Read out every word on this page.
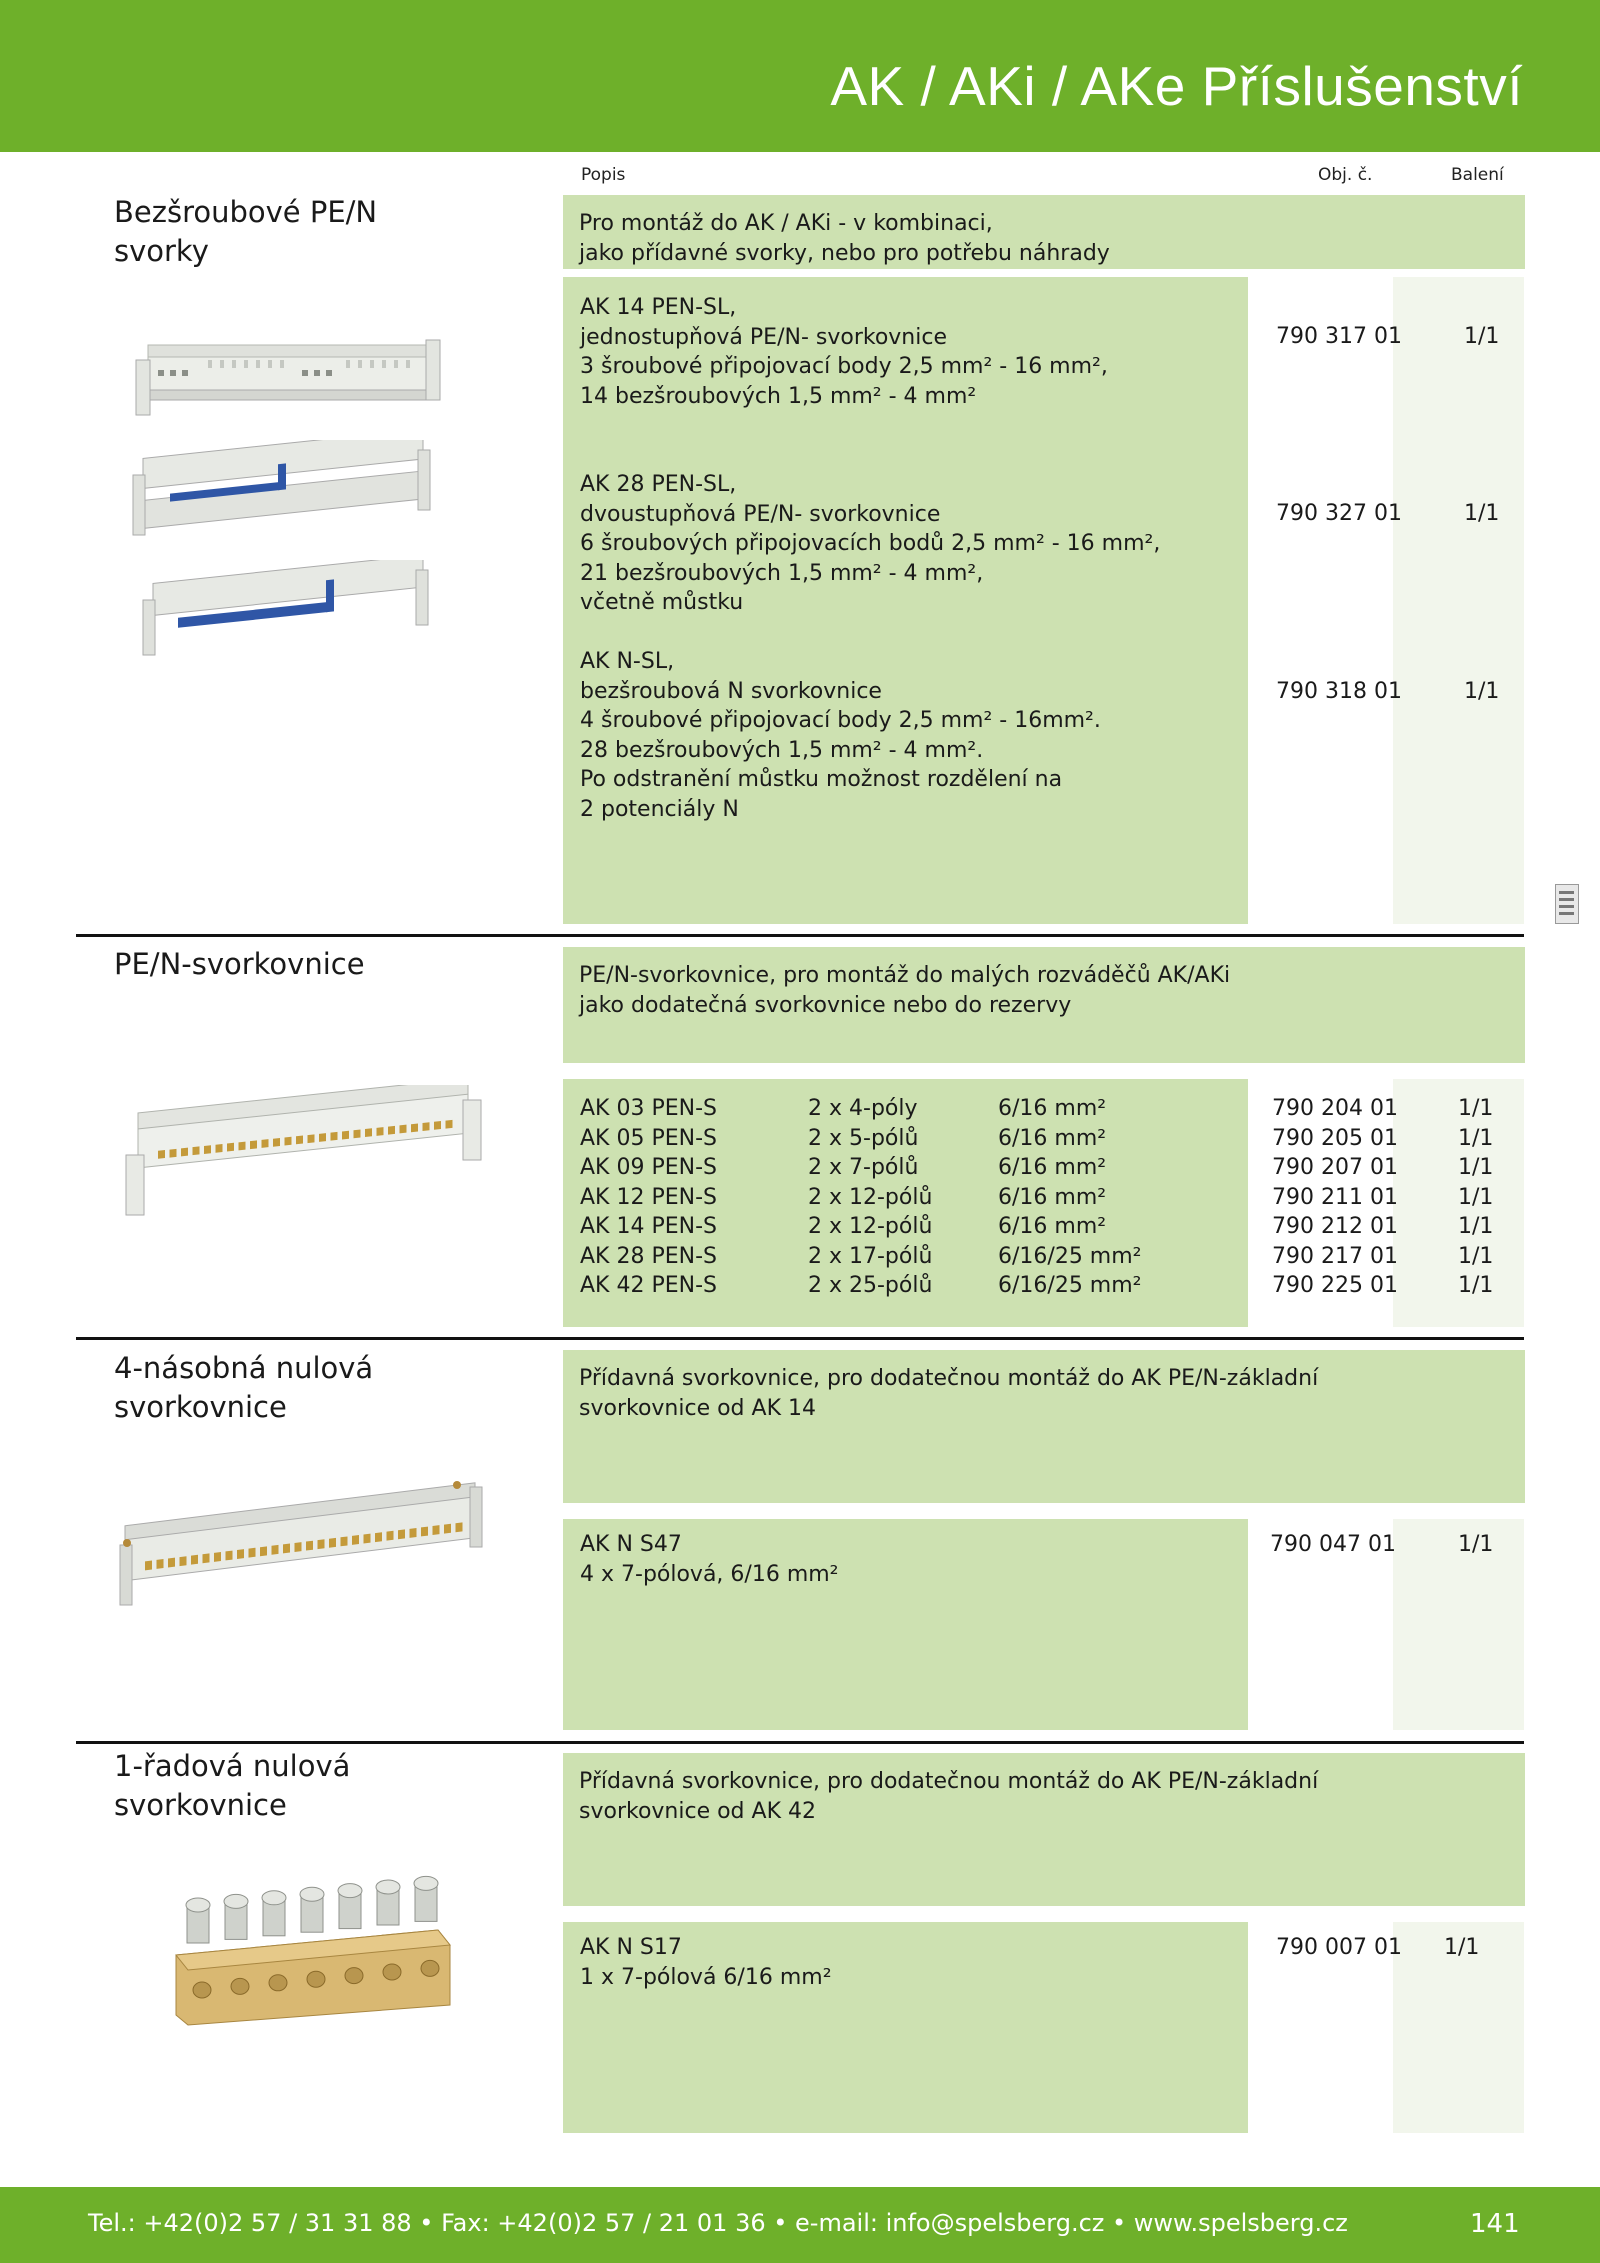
AK / AKi / AKe Příslušenství
Popis	Obj. č.	Balení
Bezšroubové PE/N
svorky
Pro montáž do AK / AKi - v kombinaci,
jako přídavné svorky, nebo pro potřebu náhrady
AK 14 PEN-SL,
jednostupňová PE/N- svorkovnice
3 šroubové připojovací body 2,5 mm² - 16 mm²,
14 bezšroubových 1,5 mm² - 4 mm²
790 317 01	1/1
AK 28 PEN-SL,
dvoustupňová PE/N- svorkovnice
6 šroubových připojovacích bodů 2,5 mm² - 16 mm²,
21 bezšroubových 1,5 mm² - 4 mm²,
včetně můstku
790 327 01	1/1
AK N-SL,
bezšroubová N svorkovnice
4 šroubové připojovací body 2,5 mm² - 16mm².
28 bezšroubových 1,5 mm² - 4 mm².
Po odstranění můstku možnost rozdělení na
2 potenciály N
790 318 01	1/1
PE/N-svorkovnice	PE/N-svorkovnice, pro montáž do malých rozváděčů AK/AKi
jako dodatečná svorkovnice nebo do rezervy
AK 03 PEN-S	2 x 4-póly	6/16 mm²	790 204 01	1/1
AK 05 PEN-S	2 x 5-pólů	6/16 mm²	790 205 01	1/1
AK 09 PEN-S	2 x 7-pólů	6/16 mm²	790 207 01	1/1
AK 12 PEN-S	2 x 12-pólů	6/16 mm²	790 211 01	1/1
AK 14 PEN-S	2 x 12-pólů	6/16 mm²	790 212 01	1/1
AK 28 PEN-S	2 x 17-pólů	6/16/25 mm²	790 217 01	1/1
AK 42 PEN-S	2 x 25-pólů	6/16/25 mm²	790 225 01	1/1
4-násobná nulová
svorkovnice
Přídavná svorkovnice, pro dodatečnou montáž do AK PE/N-základní
svorkovnice od AK 14
AK N S47
4 x 7-pólová, 6/16 mm²
790 047 01	1/1
1-řadová nulová
svorkovnice
Přídavná svorkovnice, pro dodatečnou montáž do AK PE/N-základní
svorkovnice od AK 42
AK N S17
1 x 7-pólová 6/16 mm²
790 007 01 1/1
Tel.: +42(0)2 57 / 31 31 88 • Fax: +42(0)2 57 / 21 01 36 • e-mail: info@spelsberg.cz • www.spelsberg.cz	141
